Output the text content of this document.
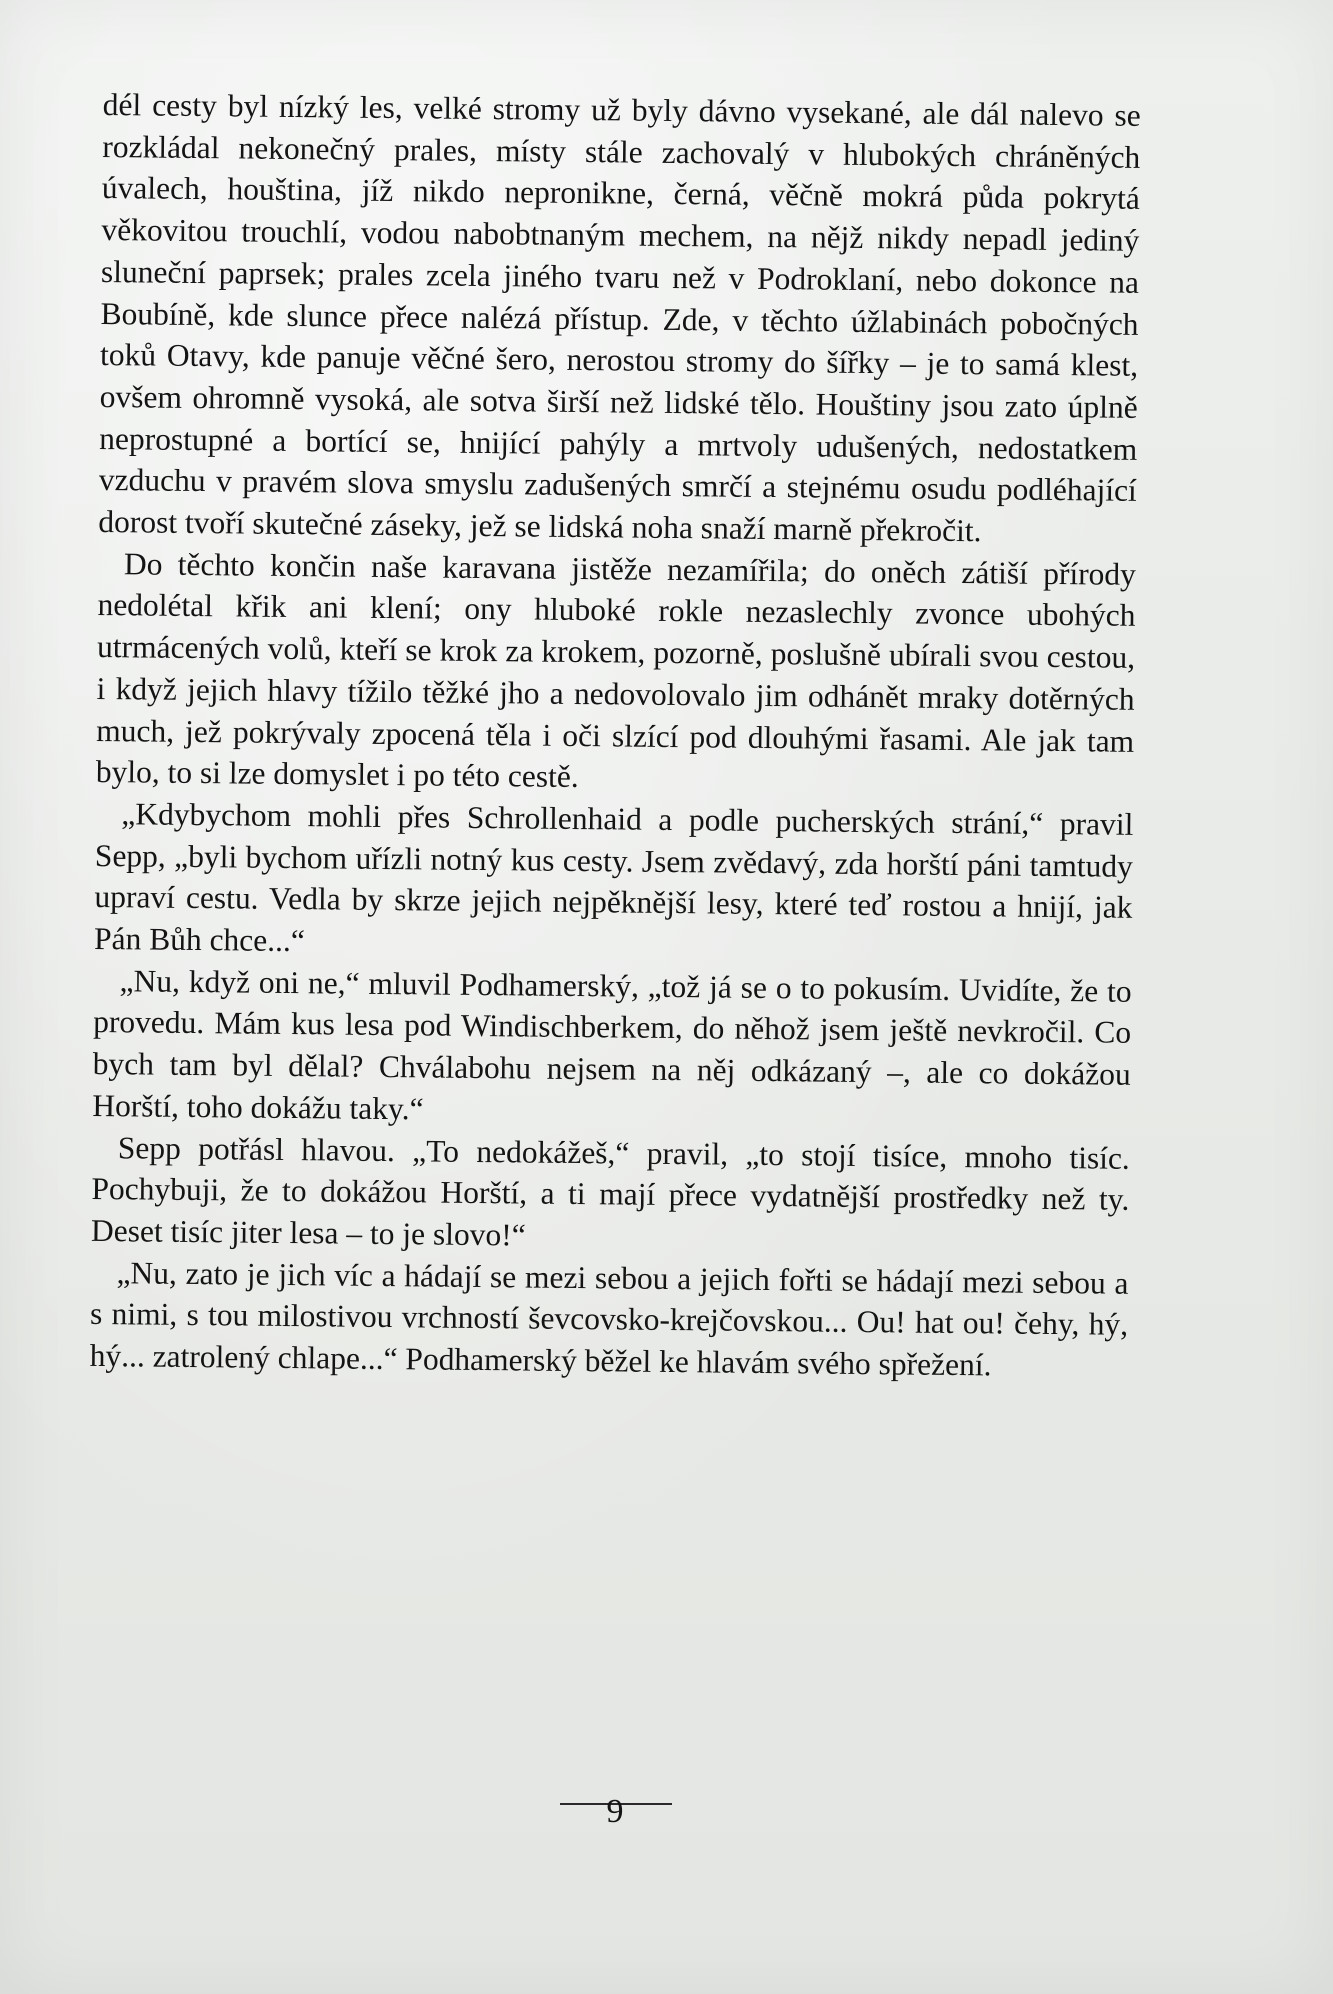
dél cesty byl nízký les, velké stromy už byly dávno vysekané, ale dál nalevo se rozkládal nekonečný prales, místy stále zachovalý v hlubokých chráněných úvalech, houština, jíž nikdo nepronikne, černá, věčně mokrá půda pokrytá věkovitou trouchlí, vodou nabobtnaným mechem, na nějž nikdy nepadl jediný sluneční paprsek; prales zcela jiného tvaru než v Podroklaní, nebo dokonce na Boubíně, kde slunce přece nalézá přístup. Zde, v těchto úžlabinách pobočných toků Otavy, kde panuje věčné šero, nerostou stromy do šířky – je to samá klest, ovšem ohromně vysoká, ale sotva širší než lidské tělo. Houštiny jsou zato úplně neprostupné a bortící se, hnijící pahýly a mrtvoly udušených, nedostatkem vzduchu v pravém slova smyslu zadušených smrčí a stejnému osudu podléhající dorost tvoří skutečné záseky, jež se lidská noha snaží marně překročit.

Do těchto končin naše karavana jistěže nezamířila; do oněch zátiší přírody nedolétal křik ani klení; ony hluboké rokle nezaslechly zvonce ubohých utrmácených volů, kteří se krok za krokem, pozorně, poslušně ubírali svou cestou, i když jejich hlavy tížilo těžké jho a nedovolovalo jim odhánět mraky dotěrných much, jež pokrývaly zpocená těla i oči slzící pod dlouhými řasami. Ale jak tam bylo, to si lze domyslet i po této cestě.

„Kdybychom mohli přes Schrollenhaid a podle pucherských strání,“ pravil Sepp, „byli bychom uřízli notný kus cesty. Jsem zvědavý, zda horští páni tamtudy upraví cestu. Vedla by skrze jejich nejpěknější lesy, které teď rostou a hnijí, jak Pán Bůh chce...“

„Nu, když oni ne,“ mluvil Podhamerský, „tož já se o to pokusím. Uvidíte, že to provedu. Mám kus lesa pod Windischberkem, do něhož jsem ještě nevkročil. Co bych tam byl dělal? Chválabohu nejsem na něj odkázaný –, ale co dokážou Horští, toho dokážu taky.“

Sepp potřásl hlavou. „To nedokážeš,“ pravil, „to stojí tisíce, mnoho tisíc. Pochybuji, že to dokážou Horští, a ti mají přece vydatnější prostředky než ty. Deset tisíc jiter lesa – to je slovo!“

„Nu, zato je jich víc a hádají se mezi sebou a jejich fořti se hádají mezi sebou a s nimi, s tou milostivou vrchností ševcovsko-krejčovskou... Ou! hat ou! čehy, hý, hý... zatrolený chlape...“ Podhamerský běžel ke hlavám svého spřežení.

9
